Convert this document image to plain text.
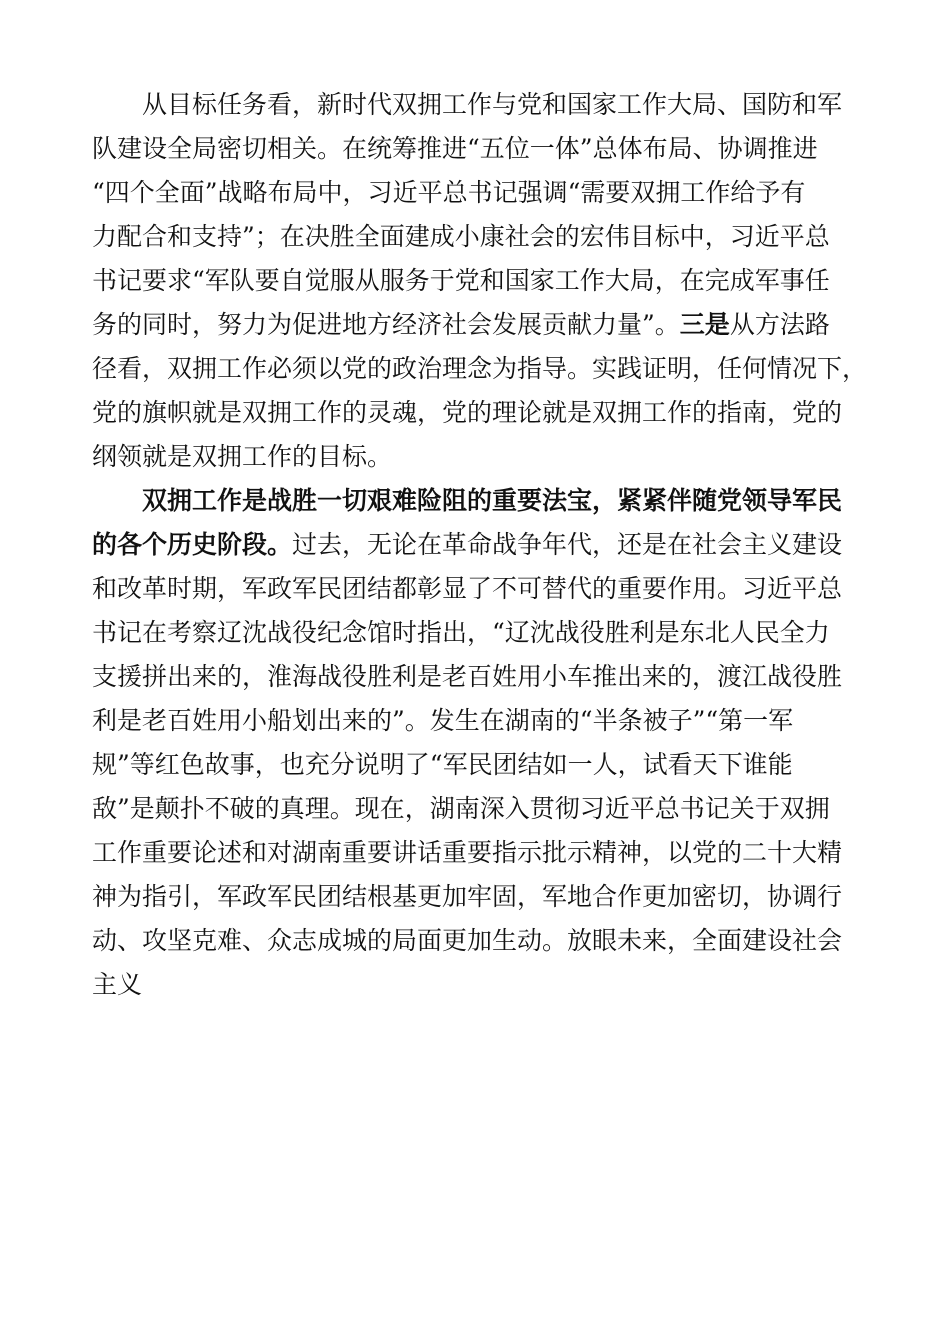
从目标任务看，新时代双拥工作与党和国家工作大局、国防和军
队建设全局密切相关。在统筹推进“五位一体”总体布局、协调推进
“四个全面”战略布局中，习近平总书记强调“需要双拥工作给予有
力配合和支持”；在决胜全面建成小康社会的宏伟目标中，习近平总
书记要求“军队要自觉服从服务于党和国家工作大局，在完成军事任
务的同时，努力为促进地方经济社会发展贡献力量”。三是从方法路
径看，双拥工作必须以党的政治理念为指导。实践证明，任何情况下，
党的旗帜就是双拥工作的灵魂，党的理论就是双拥工作的指南，党的
纲领就是双拥工作的目标。
双拥工作是战胜一切艰难险阻的重要法宝，紧紧伴随党领导军民
的各个历史阶段。过去，无论在革命战争年代，还是在社会主义建设
和改革时期，军政军民团结都彰显了不可替代的重要作用。习近平总
书记在考察辽沈战役纪念馆时指出，“辽沈战役胜利是东北人民全力
支援拼出来的，淮海战役胜利是老百姓用小车推出来的，渡江战役胜
利是老百姓用小船划出来的”。发生在湖南的“半条被子”“第一军
规”等红色故事，也充分说明了“军民团结如一人，试看天下谁能
敌”是颠扑不破的真理。现在，湖南深入贯彻习近平总书记关于双拥
工作重要论述和对湖南重要讲话重要指示批示精神，以党的二十大精
神为指引，军政军民团结根基更加牢固，军地合作更加密切，协调行
动、攻坚克难、众志成城的局面更加生动。放眼未来，全面建设社会
主义
